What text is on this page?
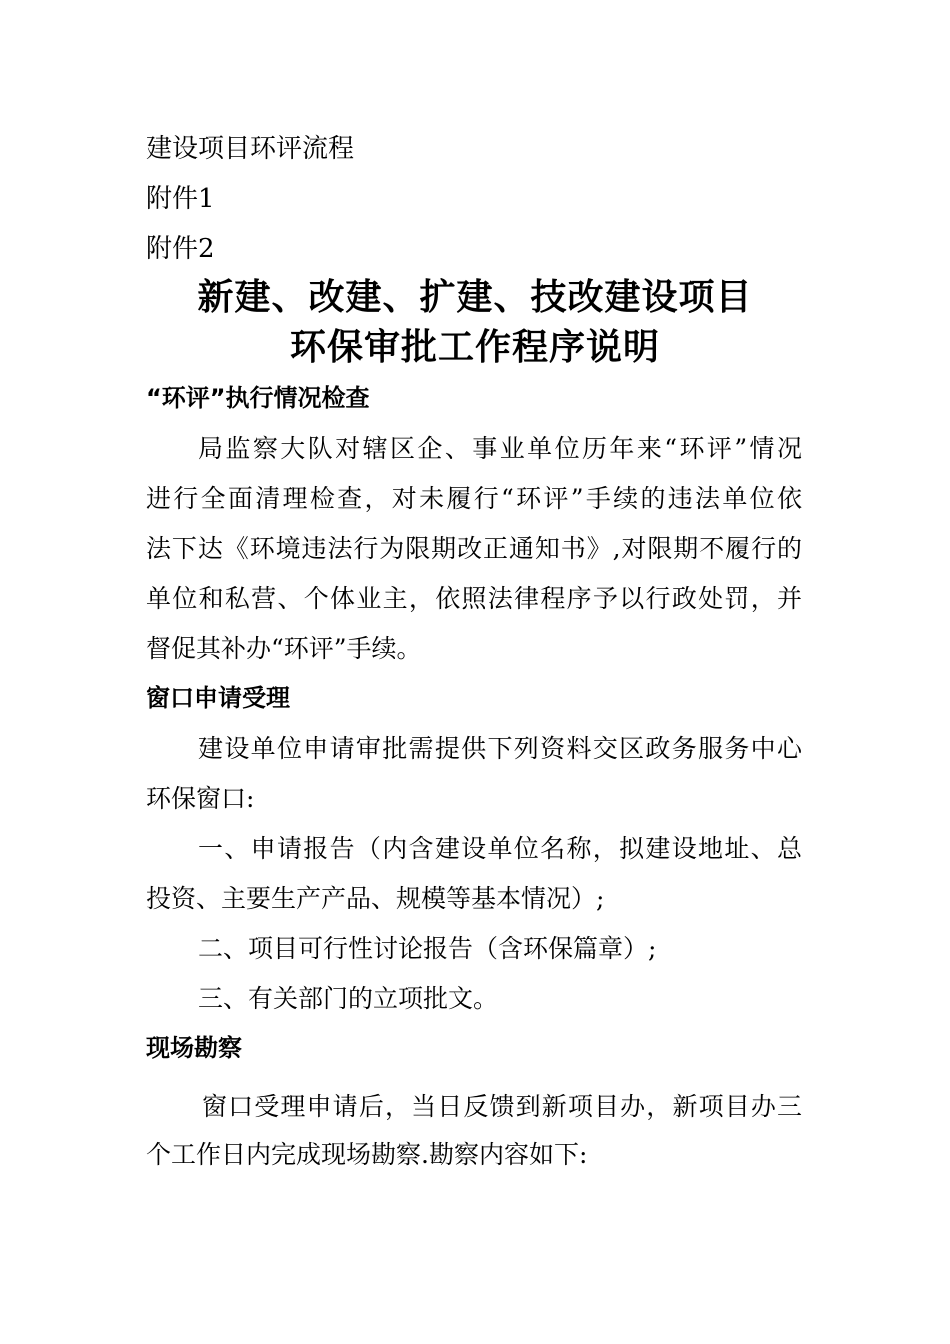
建设项目环评流程
附件1
附件2
新建、改建、扩建、技改建设项目
环保审批工作程序说明
“环评”执行情况检查
局监察大队对辖区企、事业单位历年来“环评”情况
进行全面清理检查，对未履行“环评”手续的违法单位依
法下达《环境违法行为限期改正通知书》,对限期不履行的
单位和私营、个体业主，依照法律程序予以行政处罚，并
督促其补办“环评”手续。
窗口申请受理
建设单位申请审批需提供下列资料交区政务服务中心
环保窗口:
一、申请报告（内含建设单位名称，拟建设地址、总
投资、主要生产产品、规模等基本情况）;
二、项目可行性讨论报告（含环保篇章）;
三、有关部门的立项批文。
现场勘察
窗口受理申请后，当日反馈到新项目办，新项目办三
个工作日内完成现场勘察.勘察内容如下:
